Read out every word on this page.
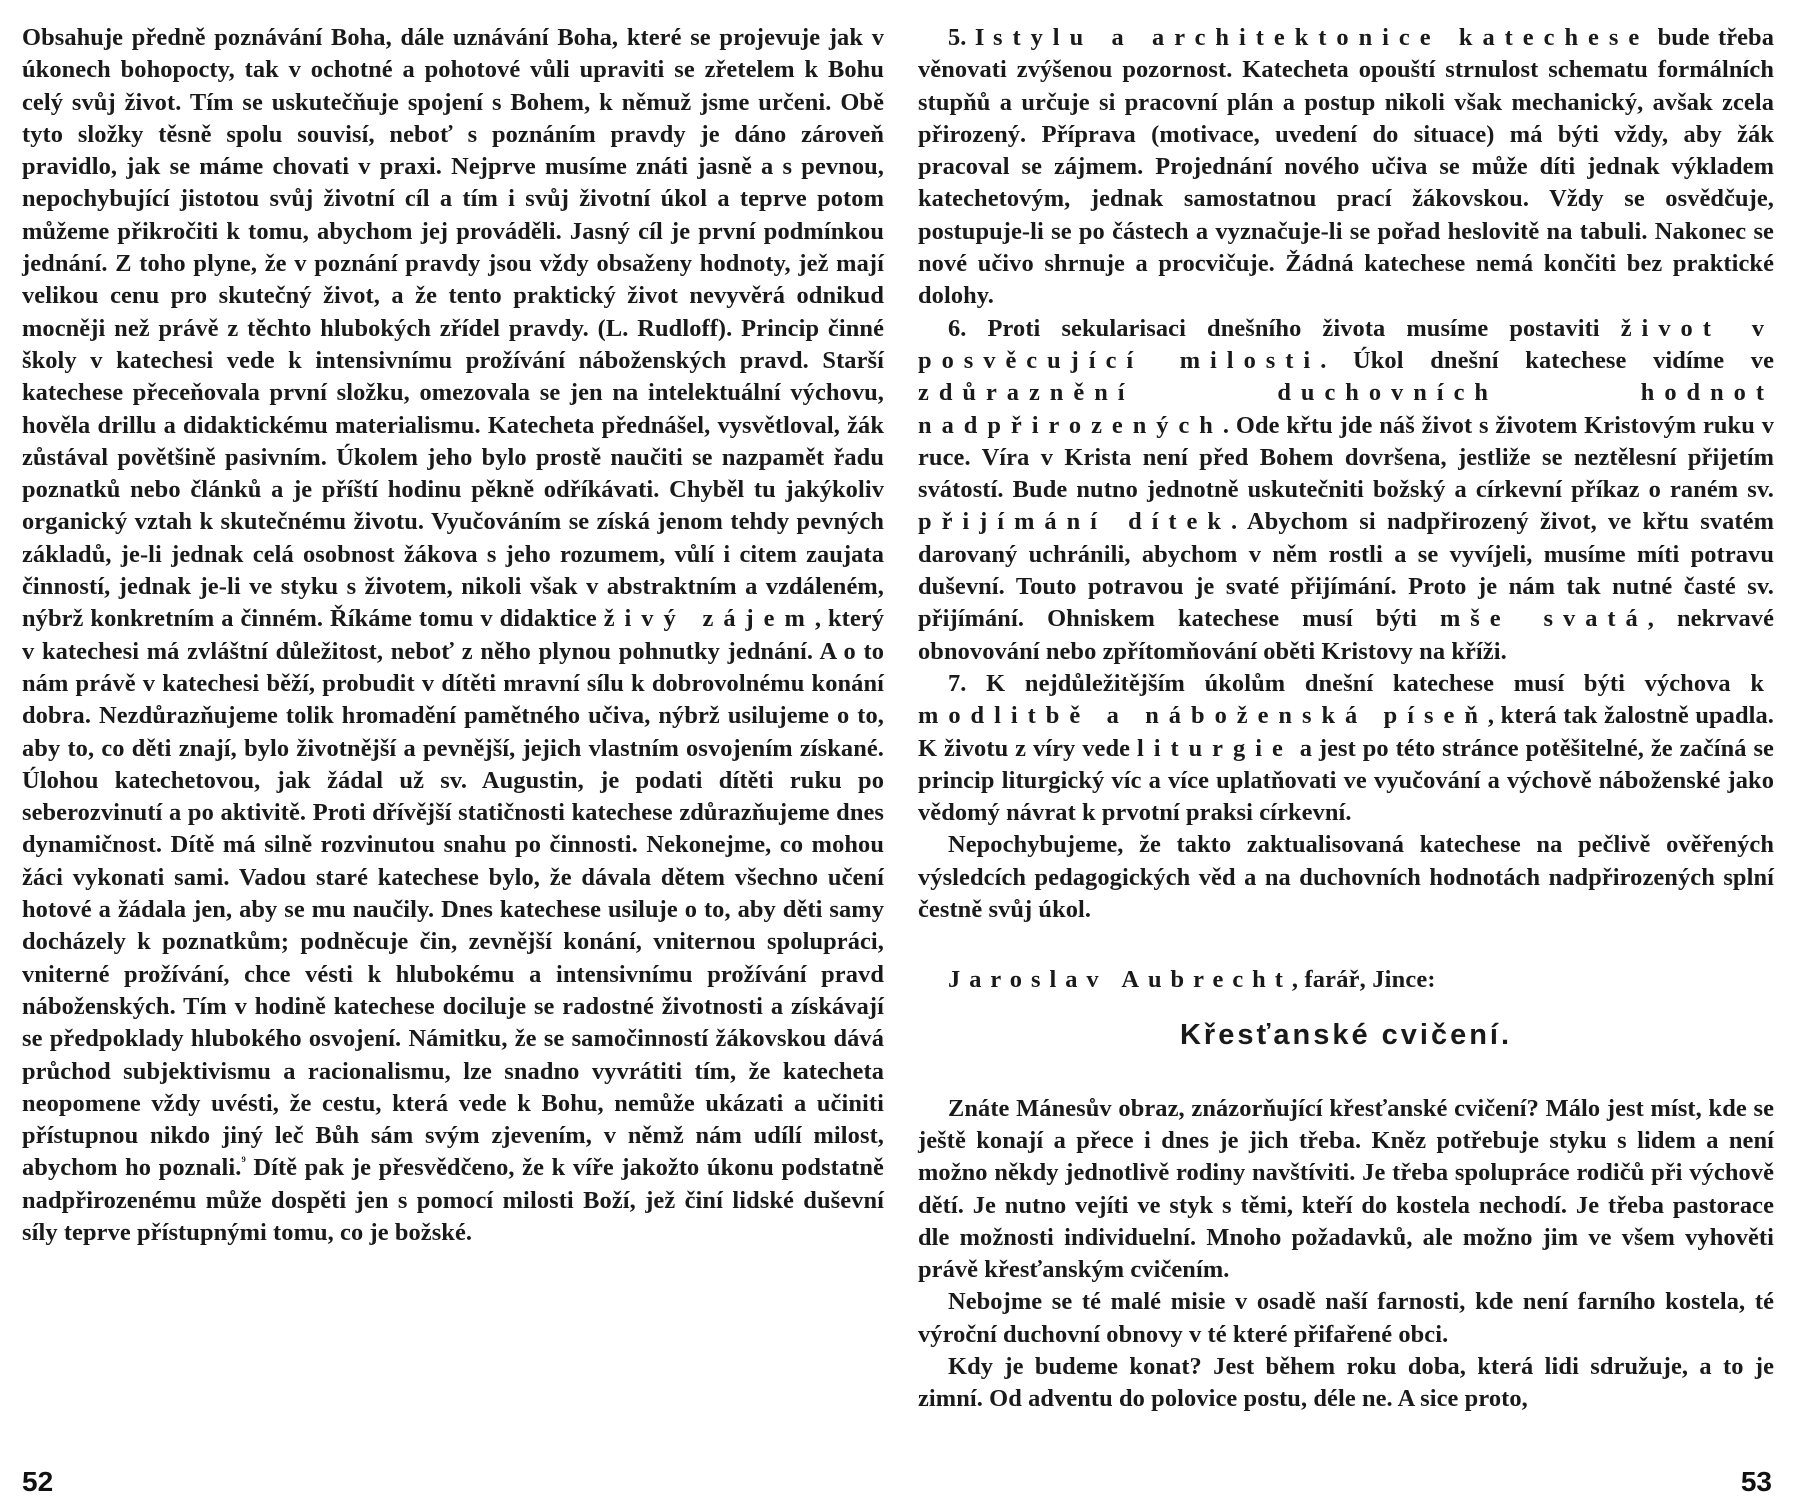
Obsahuje předně poznávání Boha, dále uznávání Boha, které se projevuje jak v úkonech bohopocty, tak v ochotné a pohotové vůli upraviti se zřetelem k Bohu celý svůj život. Tím se uskutečňuje spojení s Bohem, k němuž jsme určeni. Obě tyto složky těsně spolu souvisí, neboť s poznáním pravdy je dáno zároveň pravidlo, jak se máme chovati v praxi. Nejprve musíme znáti jasně a s pevnou, nepochybující jistotou svůj životní cíl a tím i svůj životní úkol a teprve potom můžeme přikročiti k tomu, abychom jej prováděli. Jasný cíl je první podmínkou jednání. Z toho plyne, že v poznání pravdy jsou vždy obsaženy hodnoty, jež mají velikou cenu pro skutečný život, a že tento praktický život nevyvěrá odnikud mocněji než právě z těchto hlubokých zřídel pravdy. (L. Rudloff). Princip činné školy v katechesi vede k intensivnímu prožívání náboženských pravd. Starší katechese přeceňovala první složku, omezovala se jen na intelektuální výchovu, hověla drillu a didaktickému materialismu. Katecheta přednášel, vysvětloval, žák zůstával povětšině pasivním. Úkolem jeho bylo prostě naučiti se nazpamět řadu poznatků nebo článků a je příští hodinu pěkně odříkávati. Chyběl tu jakýkoliv organický vztah k skutečnému životu. Vyučováním se získá jenom tehdy pevných základů, je-li jednak celá osobnost žákova s jeho rozumem, vůlí i citem zaujata činností, jednak je-li ve styku s životem, nikoli však v abstraktním a vzdáleném, nýbrž konkretním a činném. Říkáme tomu v didaktice živý zájem, který v katechesi má zvláštní důležitost, neboť z něho plynou pohnutky jednání. A o to nám právě v katechesi běží, probudit v dítěti mravní sílu k dobrovolnému konání dobra. Nezdůrazňujeme tolik hromadění pamětného učiva, nýbrž usilujeme o to, aby to, co děti znají, bylo životnější a pevnější, jejich vlastním osvojením získané. Úlohou katechetovou, jak žádal už sv. Augustin, je podati dítěti ruku po seberozvinutí a po aktivitě. Proti dřívější statičnosti katechese zdůrazňujeme dnes dynamičnost. Dítě má silně rozvinutou snahu po činnosti. Nekonejme, co mohou žáci vykonati sami. Vadou staré katechese bylo, že dávala dětem všechno učení hotové a žádala jen, aby se mu naučily. Dnes katechese usiluje o to, aby děti samy docházely k poznatkům; podněcuje čin, zevnější konání, vniternou spolupráci, vniterné prožívání, chce vésti k hlubokému a intensivnímu prožívání pravd náboženských. Tím v hodině katechese dociluje se radostné životnosti a získávají se předpoklady hlubokého osvojení. Námitku, že se samočinností žákovskou dává průchod subjektivismu a racionalismu, lze snadno vyvrátiti tím, že katecheta neopomene vždy uvésti, že cestu, která vede k Bohu, nemůže ukázati a učiniti přístupnou nikdo jiný leč Bůh sám svým zjevením, v němž nám udílí milost, abychom ho poznali.$^{^9}$ Dítě pak je přesvědčeno, že k víře jakožto úkonu podstatně nadpřirozenému může dospěti jen s pomocí milosti Boží, jež činí lidské duševní síly teprve přístupnými tomu, co je božské.

5. I stylu a architektonice katechese bude třeba věnovati zvýšenou pozornost. Katecheta opouští strnulost schematu formálních stupňů a určuje si pracovní plán a postup nikoli však mechanický, avšak zcela přirozený. Příprava (motivace, uvedení do situace) má býti vždy, aby žák pracoval se zájmem. Projednání nového učiva se může díti jednak výkladem katechetovým, jednak samostatnou prací žákovskou. Vždy se osvědčuje, postupuje-li se po částech a vyznačuje-li se pořad heslovitě na tabuli. Nakonec se nové učivo shrnuje a procvičuje. Žádná katechese nemá končiti bez praktické dolohy.

6. Proti sekularisaci dnešního života musíme postaviti život v posvěcující milosti. Úkol dnešní katechese vidíme ve zdůraznění duchovních hodnot nadpřirozených. Ode křtu jde náš život s životem Kristovým ruku v ruce. Víra v Krista není před Bohem dovršena, jestliže se neztělesní přijetím svátostí. Bude nutno jednotně uskutečniti božský a církevní příkaz o raném sv. přijímání dítek. Abychom si nadpřirozený život, ve křtu svatém darovaný uchránili, abychom v něm rostli a se vyvíjeli, musíme míti potravu duševní. Touto potravou je svaté přijímání. Proto je nám tak nutné časté sv. přijímání. Ohniskem katechese musí býti mše svatá, nekrvavé obnovování nebo zpřítomňování oběti Kristovy na kříži.

7. K nejdůležitějším úkolům dnešní katechese musí býti výchova k modlitbě a náboženská píseň, která tak žalostně upadla. K životu z víry vede liturgie a jest po této stránce potěšitelné, že začíná se princip liturgický víc a více uplatňovati ve vyučování a výchově náboženské jako vědomý návrat k prvotní praksi církevní.

Nepochybujeme, že takto zaktualisovaná katechese na pečlivě ověřených výsledcích pedagogických věd a na duchovních hodnotách nadpřirozených splní čestně svůj úkol.

Jaroslav Aubrecht, farář, Jince:

Křesťanské cvičení.

Znáte Mánesův obraz, znázorňující křesťanské cvičení? Málo jest míst, kde se ještě konají a přece i dnes je jich třeba. Kněz potřebuje styku s lidem a není možno někdy jednotlivě rodiny navštíviti. Je třeba spolupráce rodičů při výchově dětí. Je nutno vejíti ve styk s těmi, kteří do kostela nechodí. Je třeba pastorace dle možnosti individuelní. Mnoho požadavků, ale možno jim ve všem vyhověti právě křesťanským cvičením.

Nebojme se té malé misie v osadě naší farnosti, kde není farního kostela, té výroční duchovní obnovy v té které přifařené obci.

Kdy je budeme konat? Jest během roku doba, která lidi sdružuje, a to je zimní. Od adventu do polovice postu, déle ne. A sice proto,

52	53
